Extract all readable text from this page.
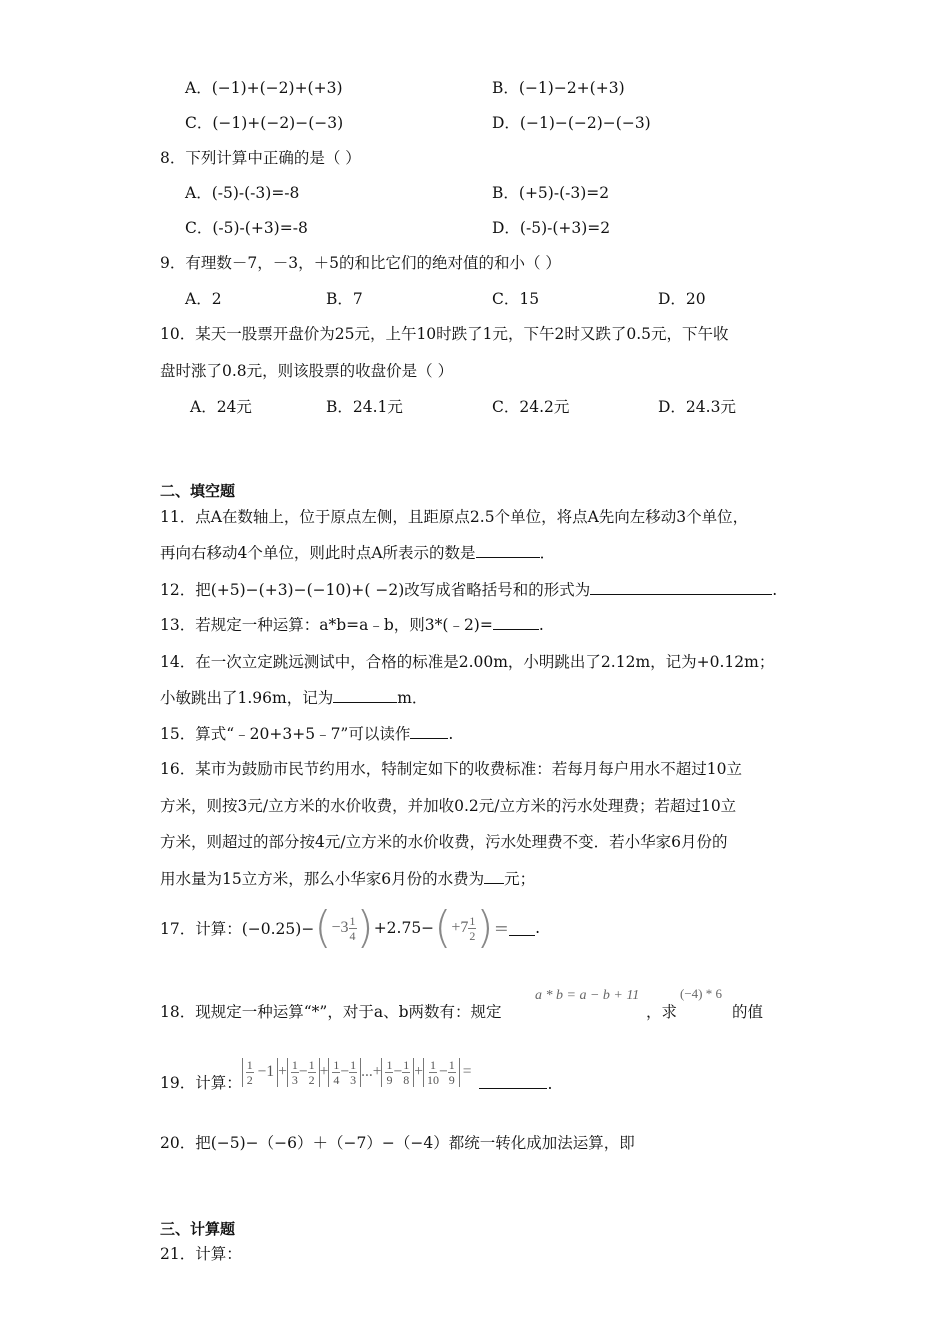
A．(−1)+(−2)+(+3)	B．(−1)−2+(+3)
C．(−1)+(−2)−(−3)	D．(−1)−(−2)−(−3)
8．下列计算中正确的是（ ）
A．(-5)-(-3)=-8	B．(+5)-(-3)=2
C．(-5)-(+3)=-8	D．(-5)-(+3)=2
9．有理数－7，－3，＋5的和比它们的绝对值的和小（ ）
A．2	B．7	C．15	D．20
10．某天一股票开盘价为25元，上午10时跌了1元，下午2时又跌了0.5元，下午收
盘时涨了0.8元，则该股票的收盘价是（ ）
A．24元	B．24.1元	C．24.2元	D．24.3元
二、填空题
11．点A在数轴上，位于原点左侧，且距原点2.5个单位，将点A先向左移动3个单位，
再向右移动4个单位，则此时点A所表示的数是	．
12．把(+5)−(+3)−(−10)+( −2)改写成省略括号和的形式为	.
13．若规定一种运算：a*b=a﹣b，则3*(﹣2)=	.
14．在一次立定跳远测试中，合格的标准是2.00m，小明跳出了2.12m，记为+0.12m；
小敏跳出了1.96m，记为	m．
15．算式“﹣20+3+5﹣7”可以读作 .
16．某市为鼓励市民节约用水，特制定如下的收费标准：若每月每户用水不超过10立
方米，则按3元/立方米的水价收费，并加收0.2元/立方米的污水处理费；若超过10立
方米，则超过的部分按4元/立方米的水价收费，污水处理费不变．若小华家6月份的
用水量为15立方米，那么小华家6月份的水费为 元；
17．计算：(−0.25)− ( $-3 \frac{1}{4}$ ) +2.75− ( $+7 \frac{1}{2}$ ) ＝ .
18．现规定一种运算“*”，对于a、b两数有：规定
a * b = a − b + 11
，求
(−4) * 6
的值
19．计算： $\frac{1}{2} -1 + \frac{1}{3} - \frac{1}{2} + \frac{1}{4} - \frac{1}{3}$ ... + $\frac{1}{9} - \frac{1}{8} + \frac{1}{10} - \frac{1}{9}$ =
.
20．把(−5)−（−6）＋（−7）−（−4）都统一转化成加法运算，即
三、计算题
21．计算：
